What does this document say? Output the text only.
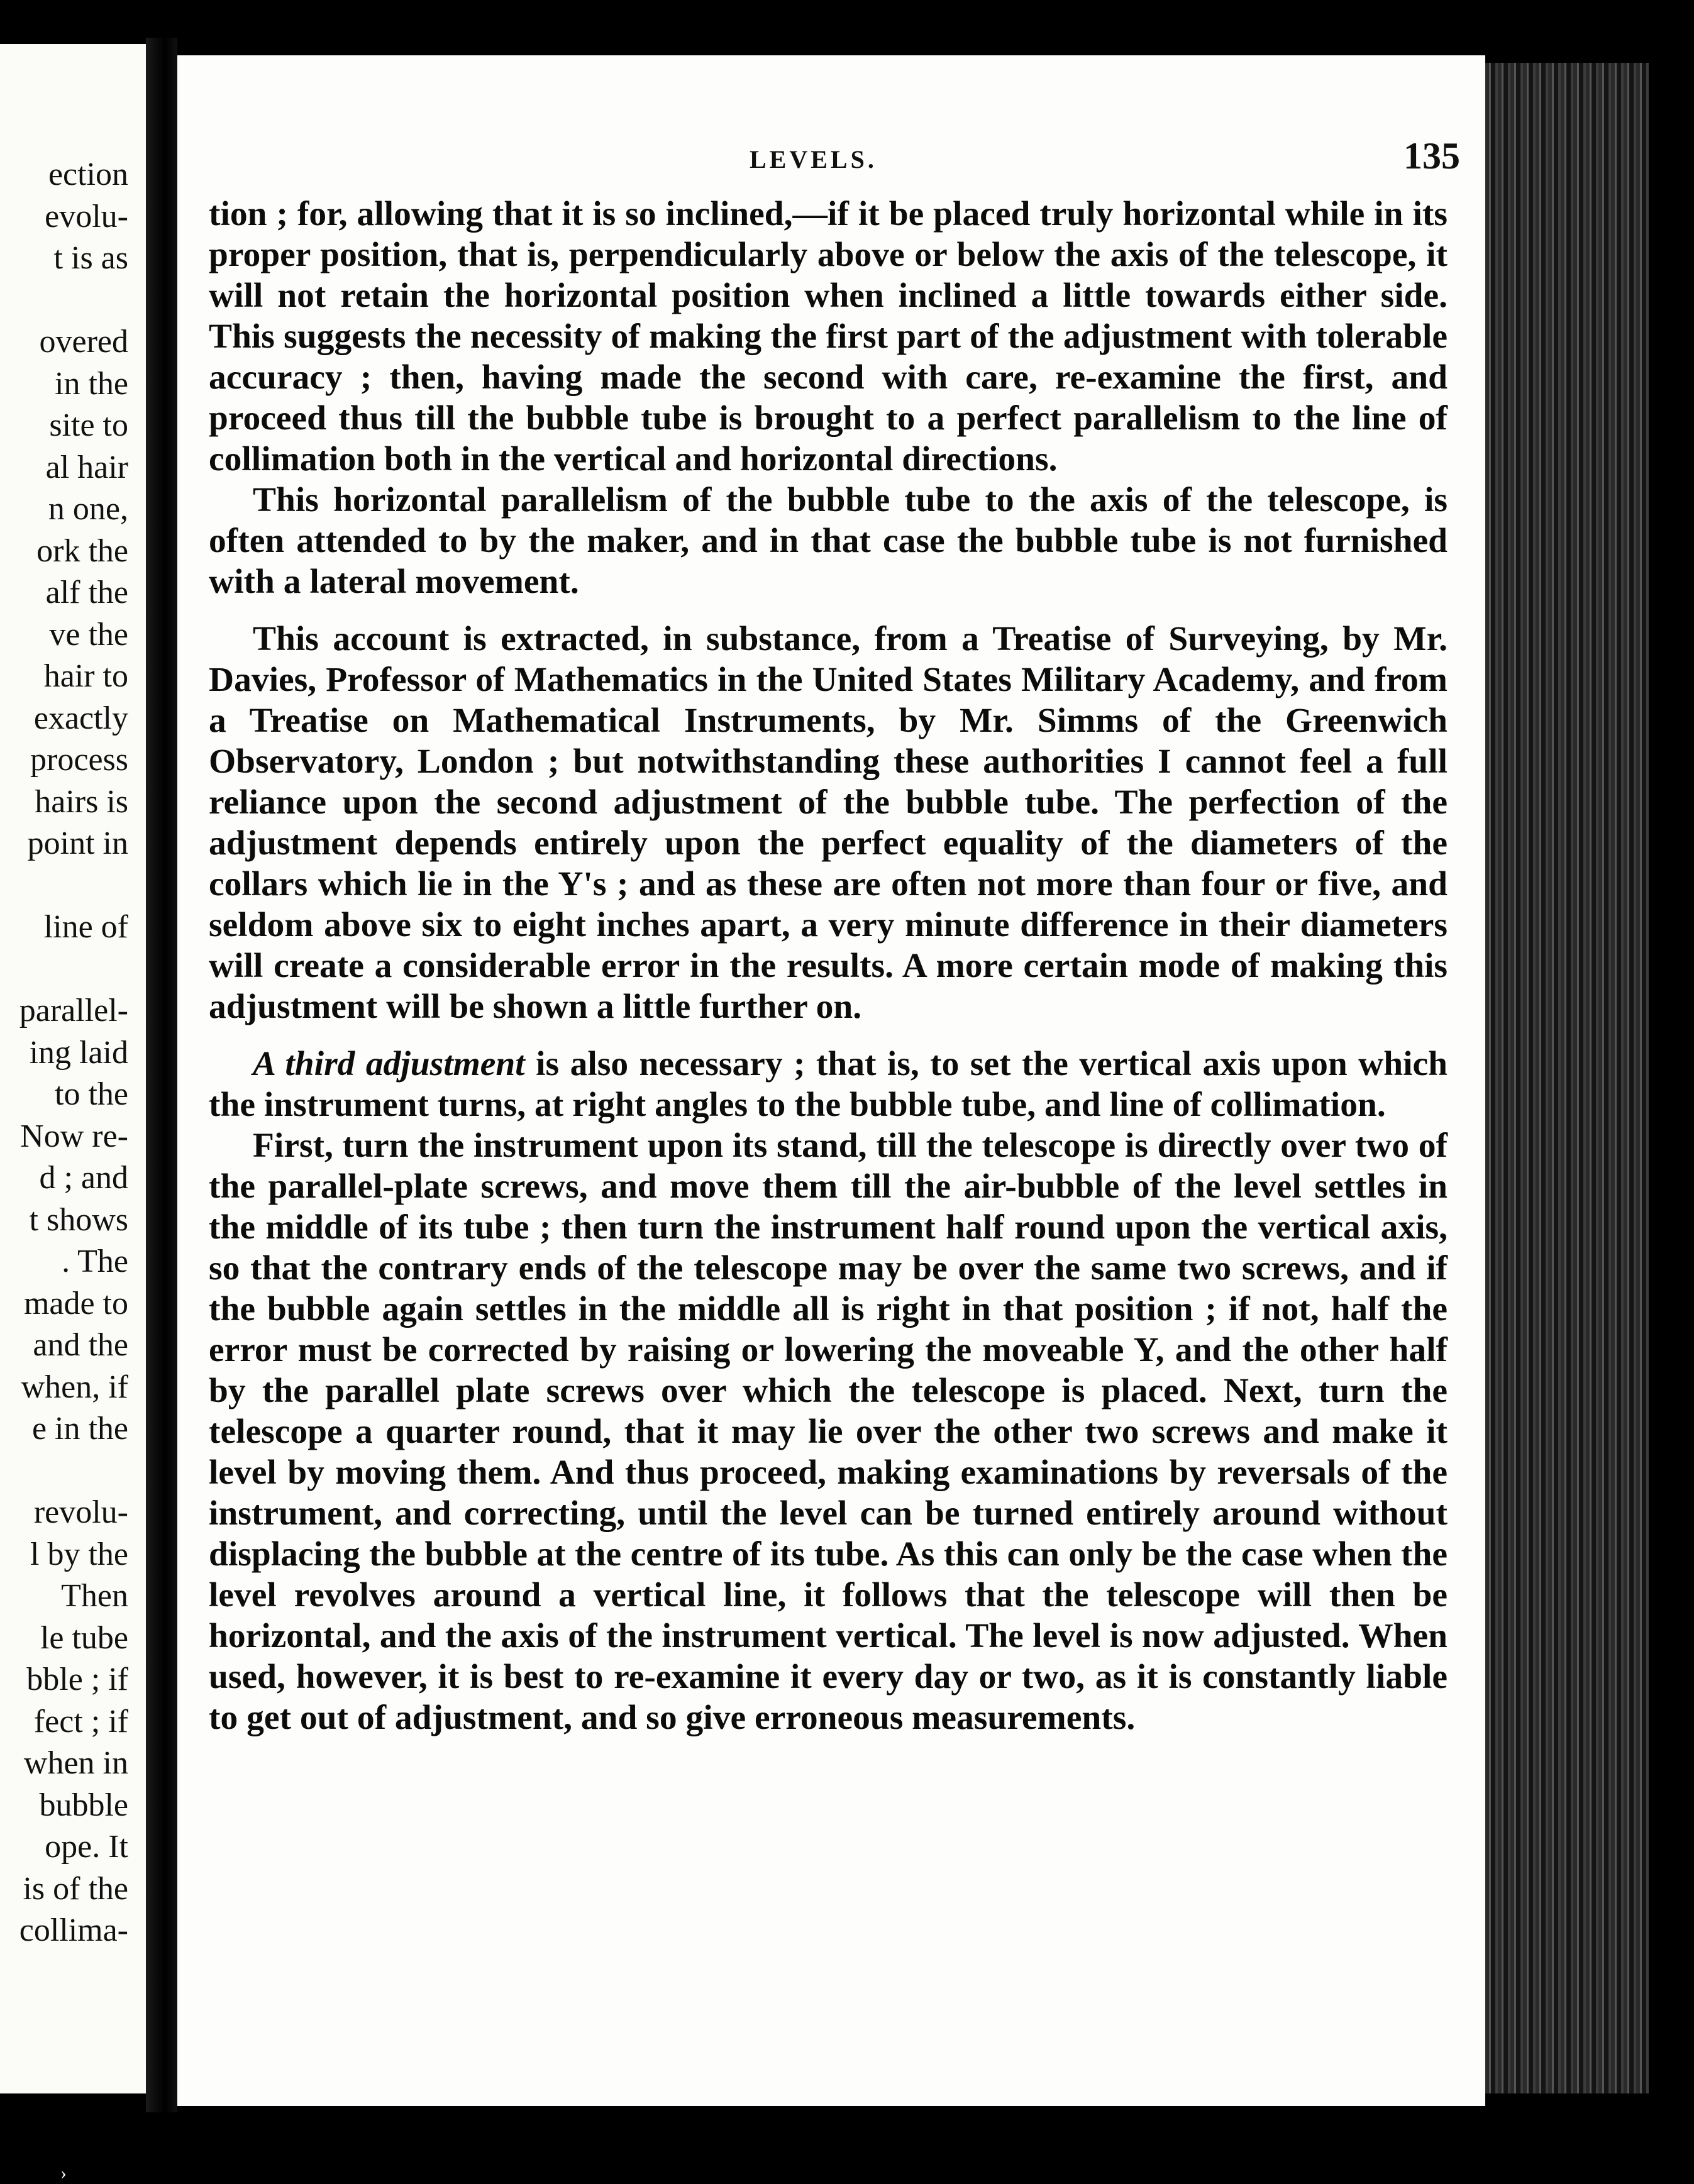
ection
evolu-
t is as
overed
in the
site to
al hair
n one,
ork the
alf the
ve the
hair to
exactly
process
hairs is
point in
line of
parallel-
ing laid
to the
Now re-
d ; and
t shows
. The
made to
and the
when, if
e in the
revolu-
l by the
Then
le tube
bble ; if
fect ; if
when in
bubble
ope. It
is of the
collima-
LEVELS.	135

tion ; for, allowing that it is so inclined,—if it be placed truly horizontal while in its proper position, that is, perpendicularly above or below the axis of the telescope, it will not retain the horizontal position when inclined a little towards either side. This suggests the necessity of making the first part of the adjustment with tolerable accuracy ; then, having made the second with care, re-examine the first, and proceed thus till the bubble tube is brought to a perfect parallelism to the line of collimation both in the vertical and horizontal directions.

This horizontal parallelism of the bubble tube to the axis of the telescope, is often attended to by the maker, and in that case the bubble tube is not furnished with a lateral movement.

This account is extracted, in substance, from a Treatise of Surveying, by Mr. Davies, Professor of Mathematics in the United States Military Academy, and from a Treatise on Mathematical Instruments, by Mr. Simms of the Greenwich Observatory, London ; but notwithstanding these authorities I cannot feel a full reliance upon the second adjustment of the bubble tube. The perfection of the adjustment depends entirely upon the perfect equality of the diameters of the collars which lie in the Y's ; and as these are often not more than four or five, and seldom above six to eight inches apart, a very minute difference in their diameters will create a considerable error in the results. A more certain mode of making this adjustment will be shown a little further on.

A third adjustment is also necessary ; that is, to set the vertical axis upon which the instrument turns, at right angles to the bubble tube, and line of collimation.

First, turn the instrument upon its stand, till the telescope is directly over two of the parallel-plate screws, and move them till the air-bubble of the level settles in the middle of its tube ; then turn the instrument half round upon the vertical axis, so that the contrary ends of the telescope may be over the same two screws, and if the bubble again settles in the middle all is right in that position ; if not, half the error must be corrected by raising or lowering the moveable Y, and the other half by the parallel plate screws over which the telescope is placed. Next, turn the telescope a quarter round, that it may lie over the other two screws and make it level by moving them. And thus proceed, making examinations by reversals of the instrument, and correcting, until the level can be turned entirely around without displacing the bubble at the centre of its tube. As this can only be the case when the level revolves around a vertical line, it follows that the telescope will then be horizontal, and the axis of the instrument vertical. The level is now adjusted. When used, however, it is best to re-examine it every day or two, as it is constantly liable to get out of adjustment, and so give erroneous measurements.

›
